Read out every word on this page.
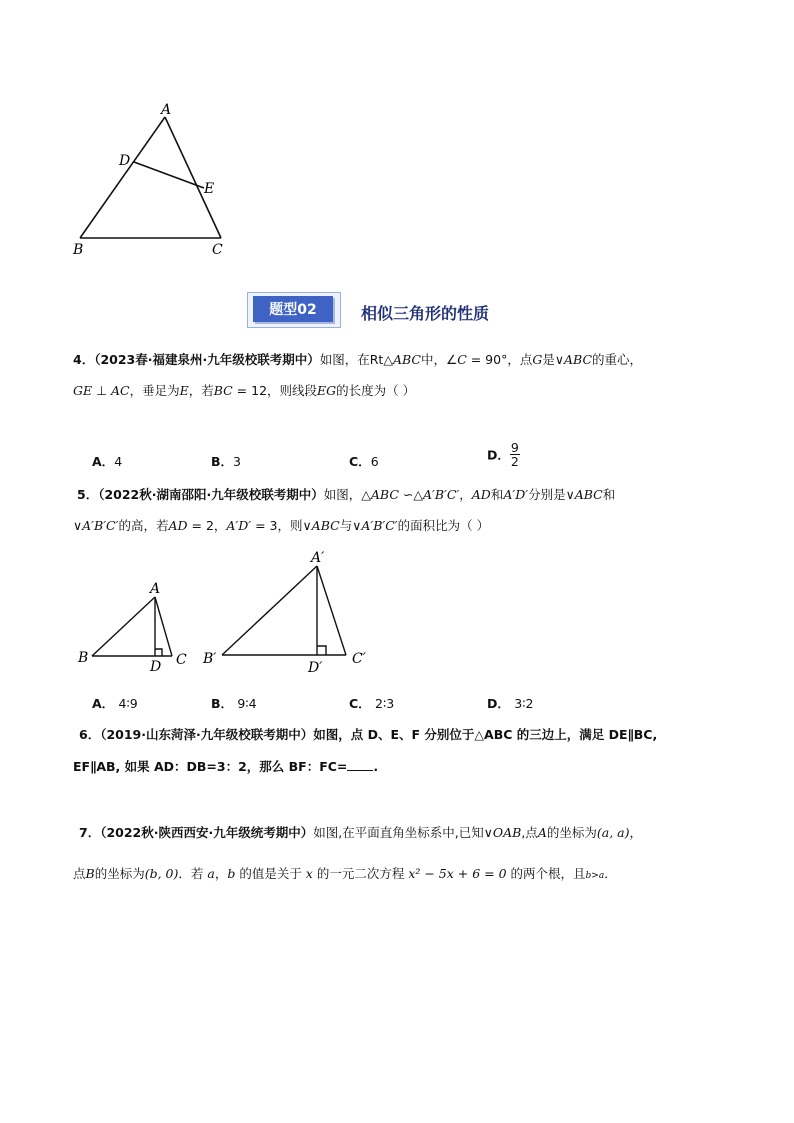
A
D
E
B	C
题型02	相似三角形的性质
4．（2023春·福建泉州·九年级校联考期中）如图，在Rt△ABC中，∠C = 90°，点G是∨ABC的重心，
GE ⊥ AC，垂足为E，若BC = 12，则线段EG的长度为（ ）
A．4	B．3	C．6	D． $\frac{9}{2}$
5．（2022秋·湖南邵阳·九年级校联考期中）如图，△ABC ∽△A′B′C′，AD和A′D′分别是∨ABC和
∨A′B′C′的高，若AD = 2，A′D′ = 3，则∨ABC与∨A′B′C′的面积比为（ ）
A
B
D C
A′
B′
D′
C′
A． 4∶9	B． 9∶4	C． 2∶3	D． 3∶2
6．（2019·山东菏泽·九年级校联考期中）如图，点 D、E、F 分别位于△ABC 的三边上，满足 DE∥BC,
EF∥AB, 如果 AD：DB=3：2，那么 BF：FC= .
7．（2022秋·陕西西安·九年级统考期中）如图,在平面直角坐标系中,已知∨OAB,点A的坐标为(a, a)，
点B的坐标为(b, 0)．若 a，b 的值是关于 x 的一元二次方程 x² − 5x + 6 = 0 的两个根，且b>a．
